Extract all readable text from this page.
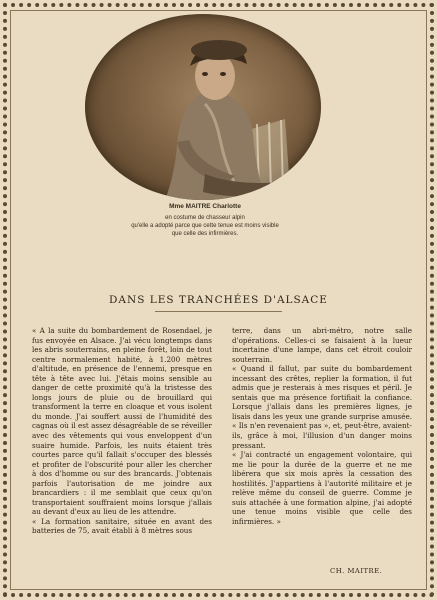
Mme MAITRE Charlotte
en costume de chasseur alpin
qu'elle a adopté parce que cette tenue est moins visible
que celle des infirmières.
DANS LES TRANCHÉES D'ALSACE

« A la suite du bombardement de Rosendael, je fus envoyée en Alsace. J'ai vécu longtemps dans les abris souterrains, en pleine forêt, loin de tout centre normalement habité, à 1.200 mètres d'altitude, en présence de l'ennemi, presque en tête à tête avec lui. J'étais moins sensible au danger de cette proximité qu'à la tristesse des longs jours de pluie ou de brouillard qui transforment la terre en cloaque et vous isolent du monde. J'ai souffert aussi de l'humidité des cagnas où il est assez désagréable de se réveiller avec des vêtements qui vous enveloppent d'un suaire humide. Parfois, les nuits étaient très courtes parce qu'il fallait s'occuper des blessés et profiter de l'obscurité pour aller les chercher à dos d'homme ou sur des brancards. J'obtenais parfois l'autorisation de me joindre aux brancardiers : il me semblait que ceux qu'on transportaient souffraient moins lorsque j'allais au devant d'eux au lieu de les attendre.

« La formation sanitaire, située en avant des batteries de 75, avait établi à 8 mètres sous

terre, dans un abri-métro, notre salle d'opérations. Celles-ci se faisaient à la lueur incertaine d'une lampe, dans cet étroit couloir souterrain.

« Quand il fallut, par suite du bombardement incessant des crêtes, replier la formation, il fut admis que je resterais à mes risques et péril. Je sentais que ma présence fortifiait la confiance. Lorsque j'allais dans les premières lignes, je lisais dans les yeux une grande surprise amusée. « Ils n'en revenaient pas », et, peut-être, avaient-ils, grâce à moi, l'illusion d'un danger moins pressant.

« J'ai contracté un engagement volontaire, qui me lie pour la durée de la guerre et ne me libérera que six mois après la cessation des hostilités. J'appartiens à l'autorité militaire et je relève même du conseil de guerre. Comme je suis attachée à une formation alpine, j'ai adopté une tenue moins visible que celle des infirmières. »

CH. MAITRE.
